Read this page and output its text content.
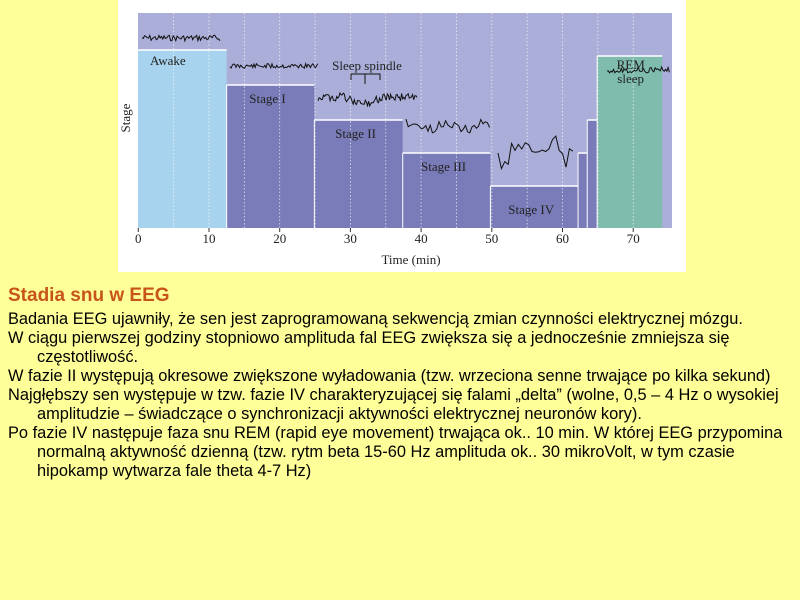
Awake
Stage I
Stage II
Stage III
Stage IV
REM
sleep
Sleep spindle
0	10	20	30	40	50	60	70
Time (min)
Stage
Stadia snu w EEG

Badania EEG ujawniły, że sen jest zaprogramowaną sekwencją zmian czynności elektrycznej mózgu.

W ciągu pierwszej godziny stopniowo amplituda fal EEG zwiększa się a jednocześnie zmniejsza się częstotliwość.

W fazie II występują okresowe zwiększone wyładowania (tzw. wrzeciona senne trwające po kilka sekund)

Najgłębszy sen występuje w tzw. fazie IV charakteryzującej się falami „delta” (wolne, 0,5 – 4 Hz o wysokiej amplitudzie – świadczące o synchronizacji aktywności elektrycznej neuronów kory).

Po fazie IV następuje faza snu REM (rapid eye movement) trwająca ok.. 10 min. W której EEG przypomina normalną aktywność dzienną (tzw. rytm beta 15-60 Hz amplituda ok.. 30 mikroVolt, w tym czasie hipokamp wytwarza fale theta 4-7 Hz)
